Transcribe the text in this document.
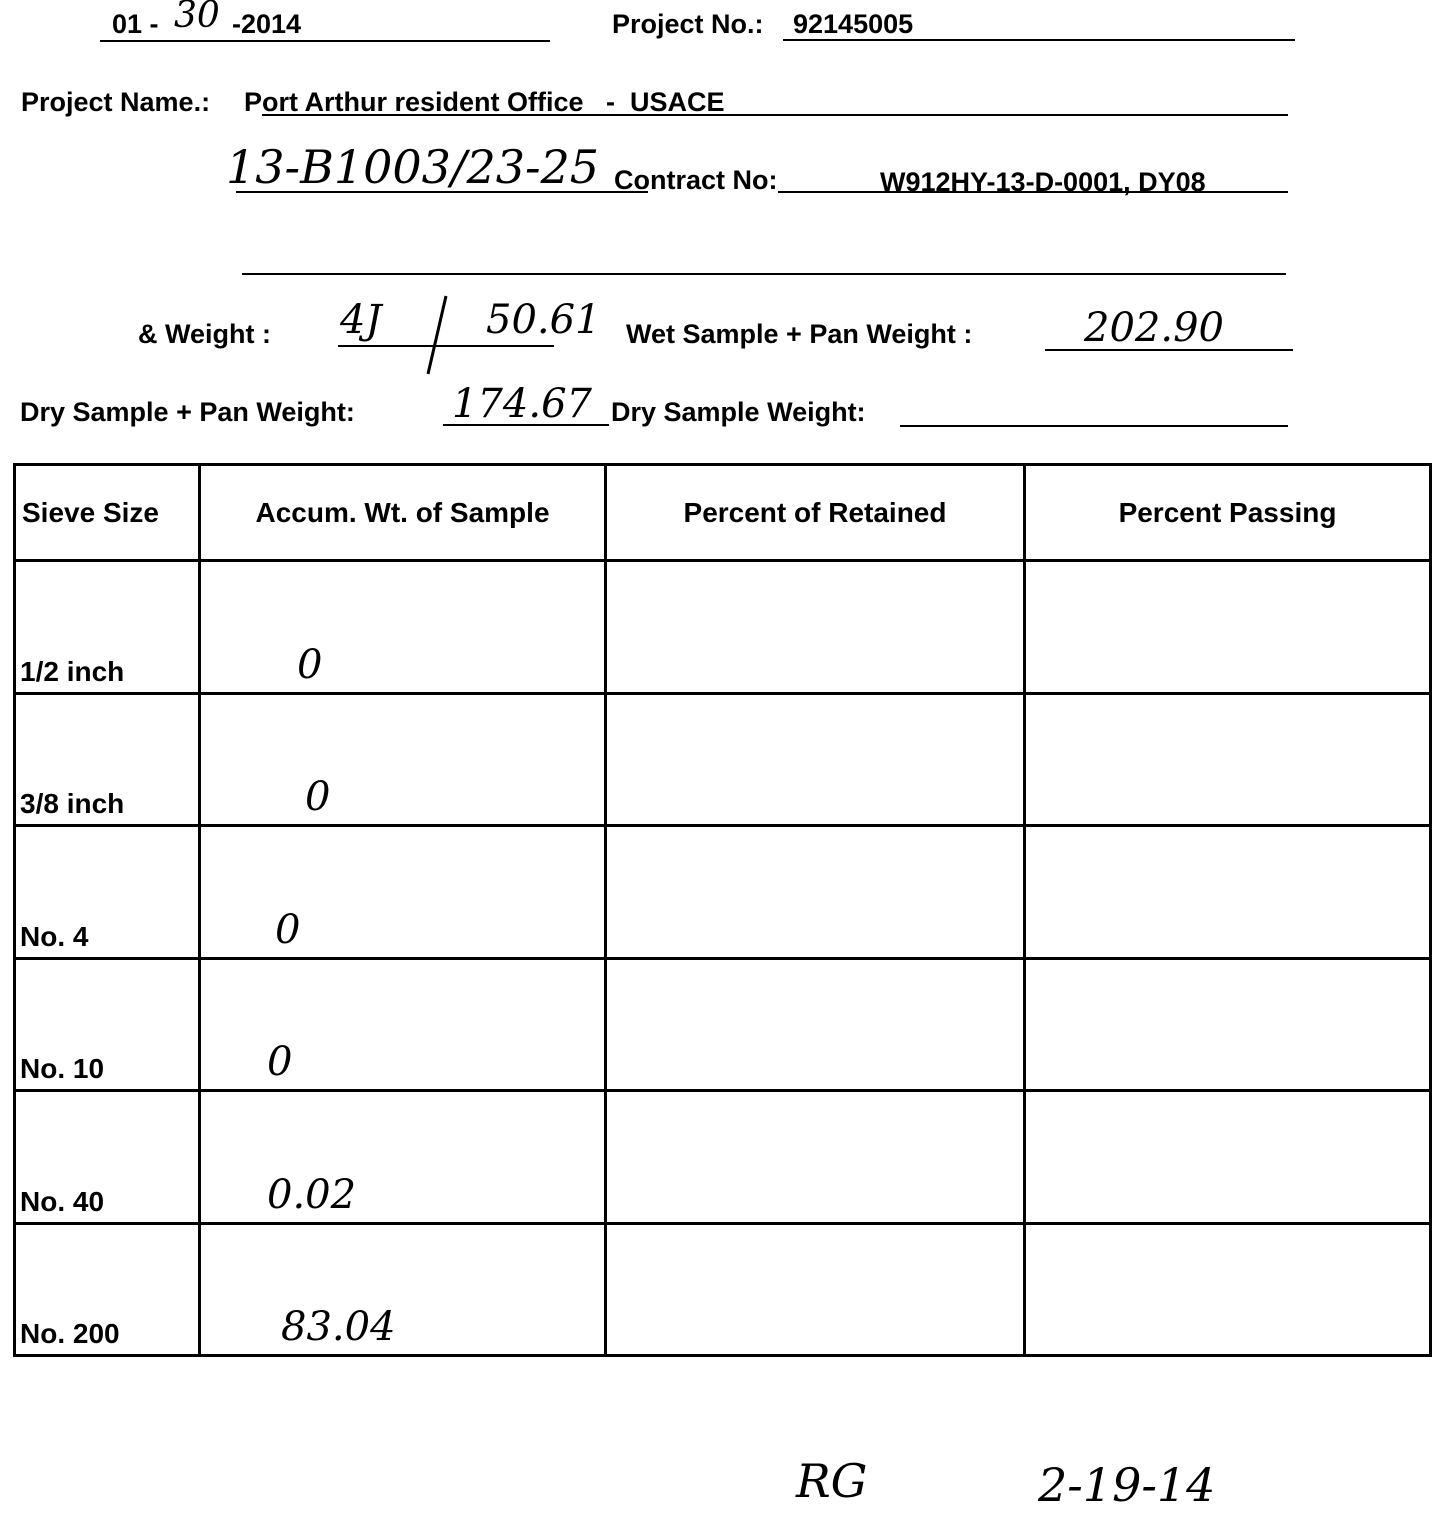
01 - 30 -2014	Project No.: 92145005
Project Name.: Port Arthur resident Office   -  USACE
13-B1003/23-25 Contract No:	W912HY-13-D-0001, DY08
& Weight : 4J	50.61 Wet Sample + Pan Weight :	202.90
Dry Sample + Pan Weight: 174.67 Dry Sample Weight:
Sieve Size	Accum. Wt. of Sample	Percent of Retained	Percent Passing

1/2 inch	0		

3/8 inch	0		

No. 4	0		

No. 10	0		

No. 40	0.02		

No. 200	83.04		

RG	2-19-14
